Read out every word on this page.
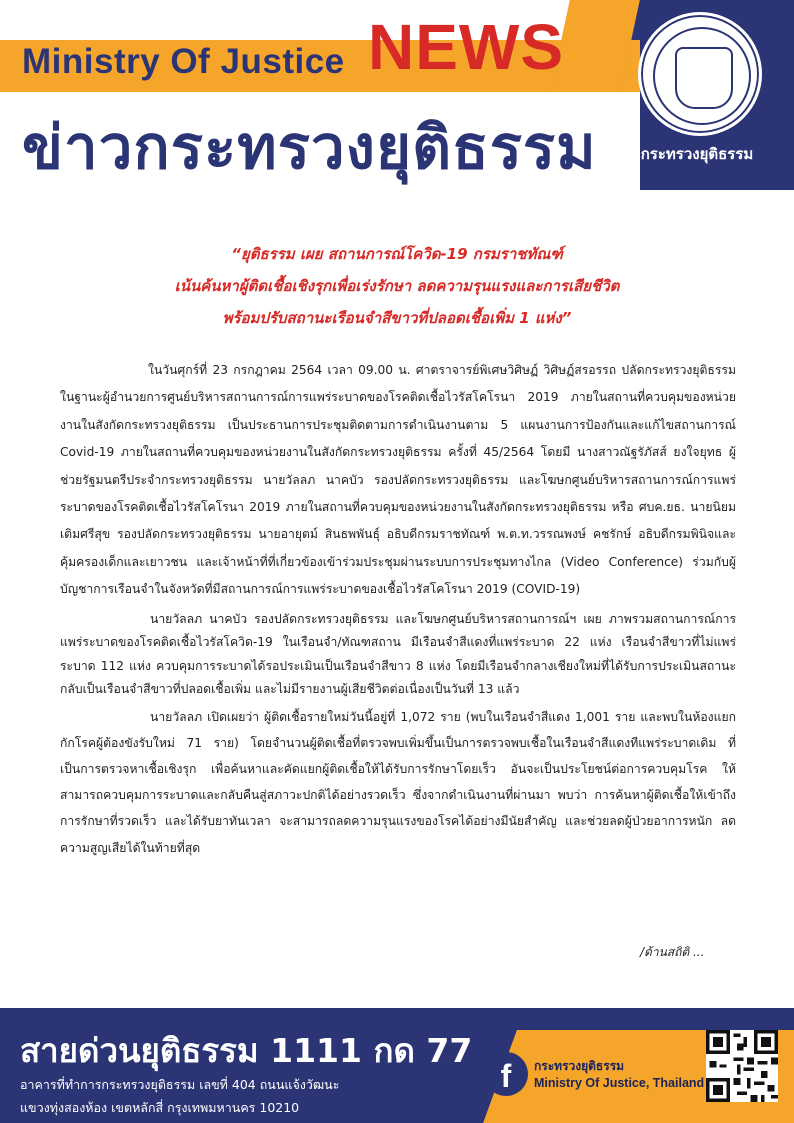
Ministry Of Justice NEWS
ข่าวกระทรวงยุติธรรม	กระทรวงยุติธรรม
“ยุติธรรม เผย สถานการณ์โควิด-19 กรมราชทัณฑ์
เน้นค้นหาผู้ติดเชื้อเชิงรุกเพื่อเร่งรักษา ลดความรุนแรงและการเสียชีวิต
พร้อมปรับสถานะเรือนจำสีขาวที่ปลอดเชื้อเพิ่ม 1 แห่ง”

ในวันศุกร์ที่ 23 กรกฎาคม 2564 เวลา 09.00 น. ศาตราจารย์พิเศษวิศิษฏ์ วิศิษฏ์สรอรรถ ปลัดกระทรวงยุติธรรม ในฐานะผู้อำนวยการศูนย์บริหารสถานการณ์การแพร่ระบาดของโรคติดเชื้อไวรัสโคโรนา 2019 ภายในสถานที่ควบคุมของหน่วยงานในสังกัดกระทรวงยุติธรรม เป็นประธานการประชุมติดตามการดำเนินงานตาม 5 แผนงานการป้องกันและแก้ไขสถานการณ์ Covid-19 ภายในสถานที่ควบคุมของหน่วยงานในสังกัดกระทรวงยุติธรรม ครั้งที่ 45/2564 โดยมี นางสาวณัฐรัภัสส์ ยงใจยุทธ ผู้ช่วยรัฐมนตรีประจำกระทรวงยุติธรรม นายวัลลภ นาคบัว รองปลัดกระทรวงยุติธรรม และโฆษกศูนย์บริหารสถานการณ์การแพร่ระบาดของโรคติดเชื้อไวรัสโคโรนา 2019 ภายในสถานที่ควบคุมของหน่วยงานในสังกัดกระทรวงยุติธรรม หรือ ศบค.ยธ. นายนิยม เติมศรีสุข รองปลัดกระทรวงยุติธรรม นายอายุตม์ สินธพพันธุ์ อธิบดีกรมราชทัณฑ์ พ.ต.ท.วรรณพงษ์ คชรักษ์ อธิบดีกรมพินิจและคุ้มครองเด็กและเยาวชน และเจ้าหน้าที่ที่เกี่ยวข้องเข้าร่วมประชุมผ่านระบบการประชุมทางไกล (Video Conference) ร่วมกับผู้บัญชาการเรือนจำในจังหวัดที่มีสถานการณ์การแพร่ระบาดของเชื้อไวรัสโคโรนา 2019 (COVID-19)

นายวัลลภ นาคบัว รองปลัดกระทรวงยุติธรรม และโฆษกศูนย์บริหารสถานการณ์ฯ เผย ภาพรวมสถานการณ์การแพร่ระบาดของโรคติดเชื้อไวรัสโควิด-19 ในเรือนจำ/ทัณฑสถาน มีเรือนจำสีแดงที่แพร่ระบาด 22 แห่ง เรือนจำสีขาวที่ไม่แพร่ระบาด 112 แห่ง ควบคุมการระบาดได้รอประเมินเป็นเรือนจำสีขาว 8 แห่ง โดยมีเรือนจำกลางเชียงใหม่ที่ได้รับการประเมินสถานะกลับเป็นเรือนจำสีขาวที่ปลอดเชื้อเพิ่ม และไม่มีรายงานผู้เสียชีวิตต่อเนื่องเป็นวันที่ 13 แล้ว

นายวัลลภ เปิดเผยว่า ผู้ติดเชื้อรายใหม่วันนี้อยู่ที่ 1,072 ราย (พบในเรือนจำสีแดง 1,001 ราย และพบในห้องแยกกักโรคผู้ต้องขังรับใหม่ 71 ราย) โดยจำนวนผู้ติดเชื้อที่ตรวจพบเพิ่มขึ้นเป็นการตรวจพบเชื้อในเรือนจำสีแดงทีแพร่ระบาดเดิม ที่เป็นการตรวจหาเชื้อเชิงรุก เพื่อค้นหาและคัดแยกผู้ติดเชื้อให้ได้รับการรักษาโดยเร็ว อันจะเป็นประโยชน์ต่อการควบคุมโรค ให้สามารถควบคุมการระบาดและกลับคืนสู่สภาวะปกติได้อย่างรวดเร็ว ซึ่งจากดำเนินงานที่ผ่านมา พบว่า การค้นหาผู้ติดเชื้อให้เข้าถึงการรักษาที่รวดเร็ว และได้รับยาทันเวลา จะสามารถลดความรุนแรงของโรคได้อย่างมีนัยสำคัญ และช่วยลดผู้ป่วยอาการหนัก ลดความสูญเสียได้ในท้ายที่สุด

/ด้านสถิติ ...
สายด่วนยุติธรรม 1111 กด 77
อาคารที่ทำการกระทรวงยุติธรรม เลขที่ 404 ถนนแจ้งวัฒนะ
แขวงทุ่งสองห้อง เขตหลักสี่ กรุงเทพมหานคร 10210
f	กระทรวงยุติธรรม
Ministry Of Justice, Thailand
